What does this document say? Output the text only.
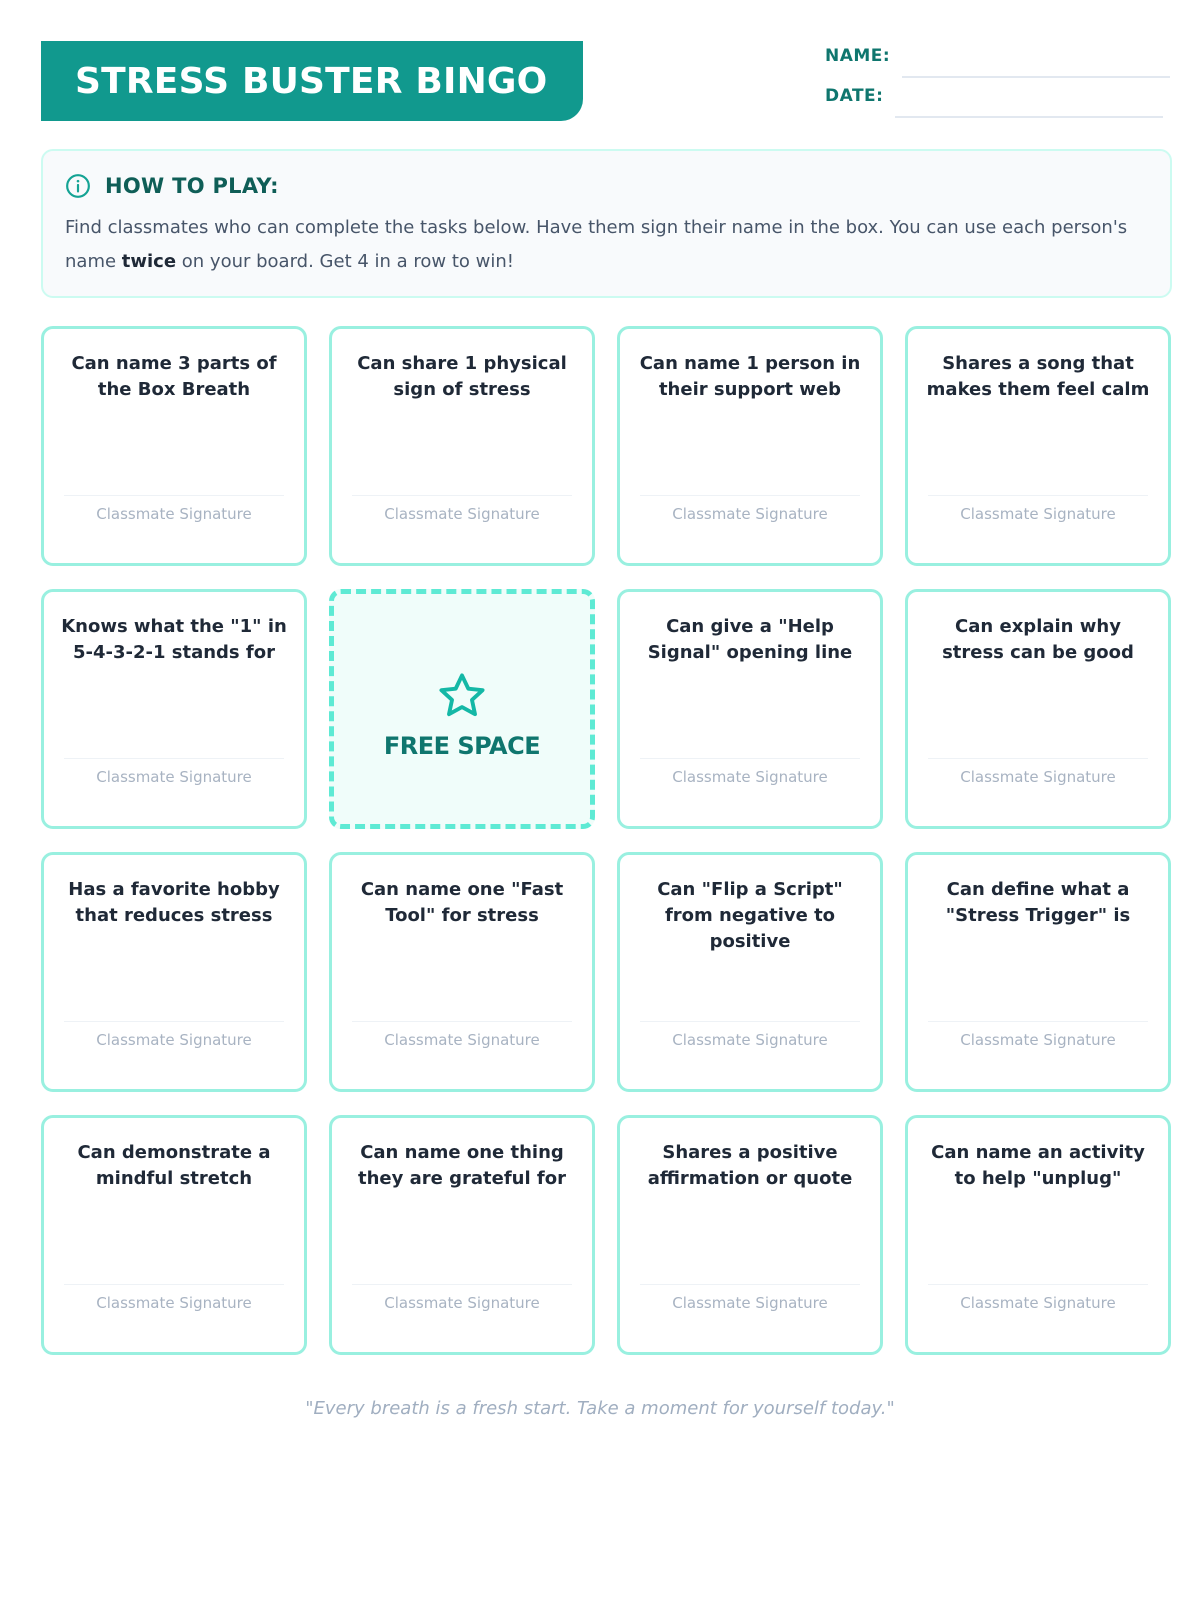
STRESS BUSTER BINGO
NAME:
DATE:
HOW TO PLAY:

Find classmates who can complete the tasks below. Have them sign their name in the box. You can use each person's name twice on your board. Get 4 in a row to win!

Can name 3 parts of the Box Breath
Classmate Signature
Can share 1 physical sign of stress
Classmate Signature
Can name 1 person in their support web
Classmate Signature
Shares a song that makes them feel calm
Classmate Signature
Knows what the "1" in 5-4-3-2-1 stands for
Classmate Signature
FREE SPACE
Can give a "Help Signal" opening line
Classmate Signature
Can explain why stress can be good
Classmate Signature
Has a favorite hobby that reduces stress
Classmate Signature
Can name one "Fast Tool" for stress
Classmate Signature
Can "Flip a Script" from negative to positive
Classmate Signature
Can define what a "Stress Trigger" is
Classmate Signature
Can demonstrate a mindful stretch
Classmate Signature
Can name one thing they are grateful for
Classmate Signature
Shares a positive affirmation or quote
Classmate Signature
Can name an activity to help "unplug"
Classmate Signature
"Every breath is a fresh start. Take a moment for yourself today."
